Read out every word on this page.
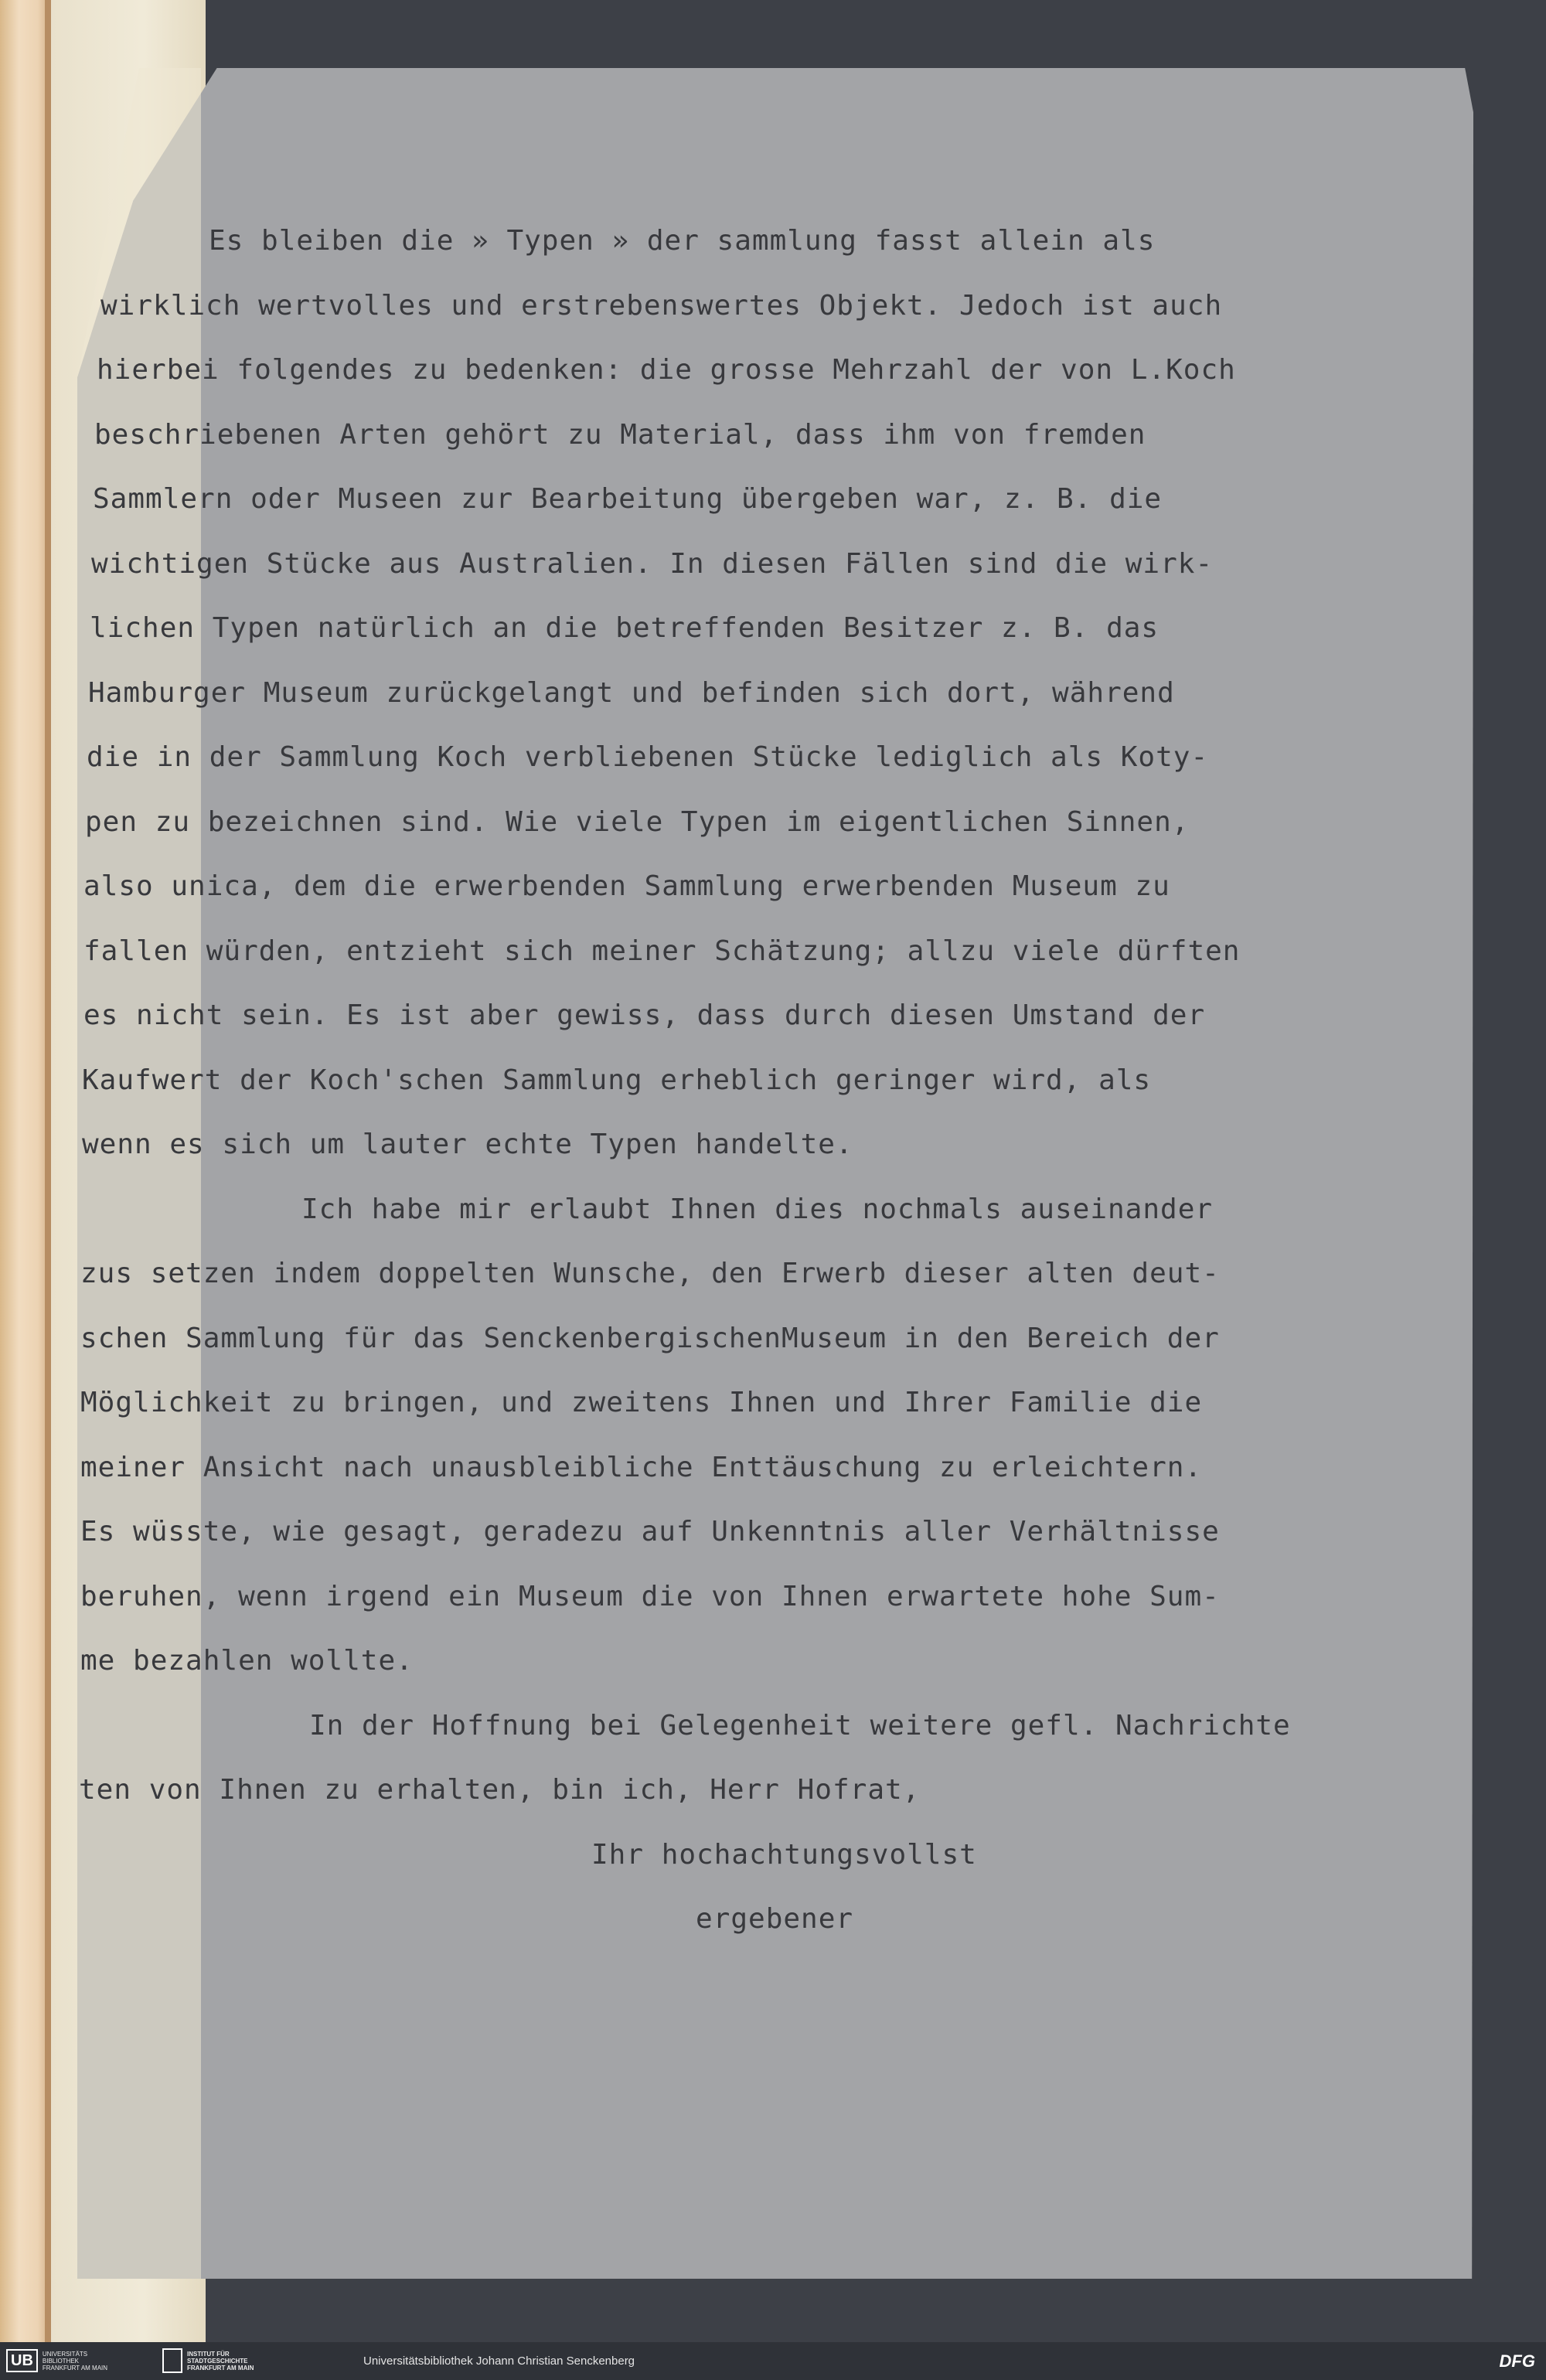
Es bleiben die » Typen » der sammlung fasst allein als
wirklich wertvolles und erstrebenswertes Objekt. Jedoch ist auch
hierbei folgendes zu bedenken: die grosse Mehrzahl der von L.Koch
beschriebenen Arten gehört zu Material, dass ihm von fremden
Sammlern oder Museen zur Bearbeitung übergeben war, z. B. die
wichtigen Stücke aus Australien. In diesen Fällen sind die wirk-
lichen Typen natürlich an die betreffenden Besitzer z. B. das
Hamburger Museum zurückgelangt und befinden sich dort, während
die in der Sammlung Koch verbliebenen Stücke lediglich als Koty-
pen zu bezeichnen sind. Wie viele Typen im eigentlichen Sinnen,
also unica, dem die erwerbenden Sammlung erwerbenden Museum zu
fallen würden, entzieht sich meiner Schätzung; allzu viele dürften
es nicht sein. Es ist aber gewiss, dass durch diesen Umstand der
Kaufwert der Koch'schen Sammlung erheblich geringer wird, als
wenn es sich um lauter echte Typen handelte.
Ich habe mir erlaubt Ihnen dies nochmals auseinander
zus setzen indem doppelten Wunsche, den Erwerb dieser alten deut-
schen Sammlung für das SenckenbergischenMuseum in den Bereich der
Möglichkeit zu bringen, und zweitens Ihnen und Ihrer Familie die
meiner Ansicht nach unausbleibliche Enttäuschung zu erleichtern.
Es wüsste, wie gesagt, geradezu auf Unkenntnis aller Verhältnisse
beruhen, wenn irgend ein Museum die von Ihnen erwartete hohe Sum-
me bezahlen wollte.
In der Hoffnung bei Gelegenheit weitere gefl. Nachrichte
ten von Ihnen zu erhalten, bin ich, Herr Hofrat,
Ihr hochachtungsvollst
ergebener
UB	UNIVERSITÄTS BIBLIOTHEK FRANKFURT AM MAIN
INSTITUT FÜR STADTGESCHICHTE FRANKFURT AM MAIN	Universitätsbibliothek Johann Christian Senckenberg	DFG
